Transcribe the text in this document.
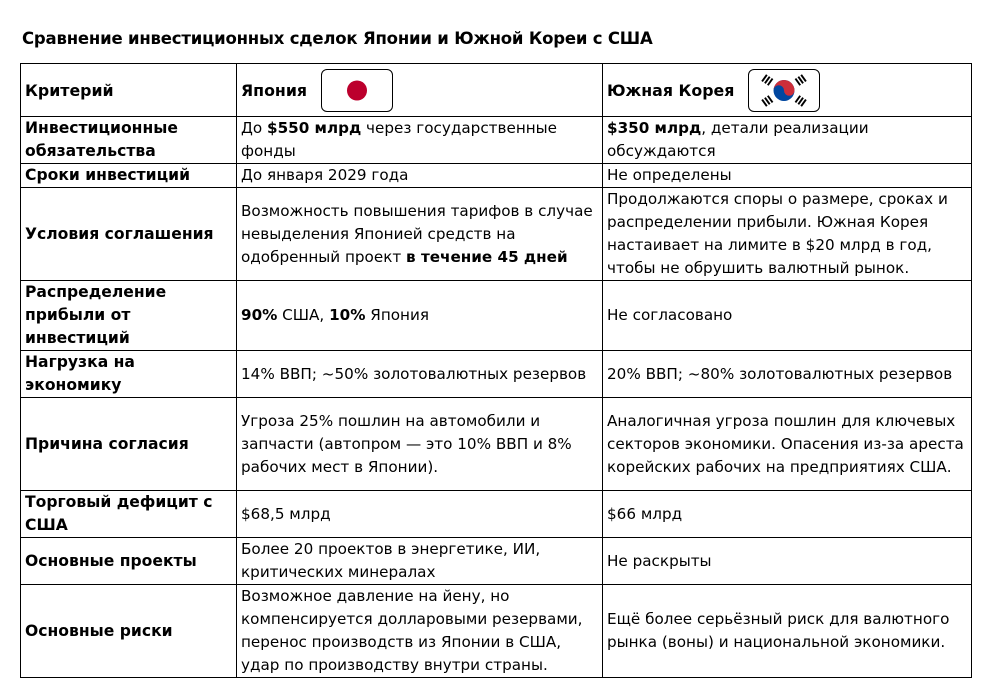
Сравнение инвестиционных сделок Японии и Южной Кореи с США
Критерий	Япония	Южная Корея

Инвестиционные обязательства	До $550 млрд через государственные фонды	$350 млрд, детали реализации обсуждаются
Сроки инвестиций	До января 2029 года	Не определены
Условия соглашения	Возможность повышения тарифов в случае невыделения Японией средств на одобренный проект в течение 45 дней	Продолжаются споры о размере, сроках и распределении прибыли. Южная Корея настаивает на лимите в $20 млрд в год, чтобы не обрушить валютный рынок.
Распределение прибыли от инвестиций	90% США, 10% Япония	Не согласовано
Нагрузка на экономику	14% ВВП; ~50% золотовалютных резервов	20% ВВП; ~80% золотовалютных резервов
Причина согласия	Угроза 25% пошлин на автомобили и запчасти (автопром — это 10% ВВП и 8% рабочих мест в Японии).	Аналогичная угроза пошлин для ключевых секторов экономики. Опасения из-за ареста корейских рабочих на предприятиях США.
Торговый дефицит с США	$68,5 млрд	$66 млрд
Основные проекты	Более 20 проектов в энергетике, ИИ, критических минералах	Не раскрыты
Основные риски	Возможное давление на йену, но компенсируется долларовыми резервами, перенос производств из Японии в США, удар по производству внутри страны.	Ещё более серьёзный риск для валютного рынка (воны) и национальной экономики.
